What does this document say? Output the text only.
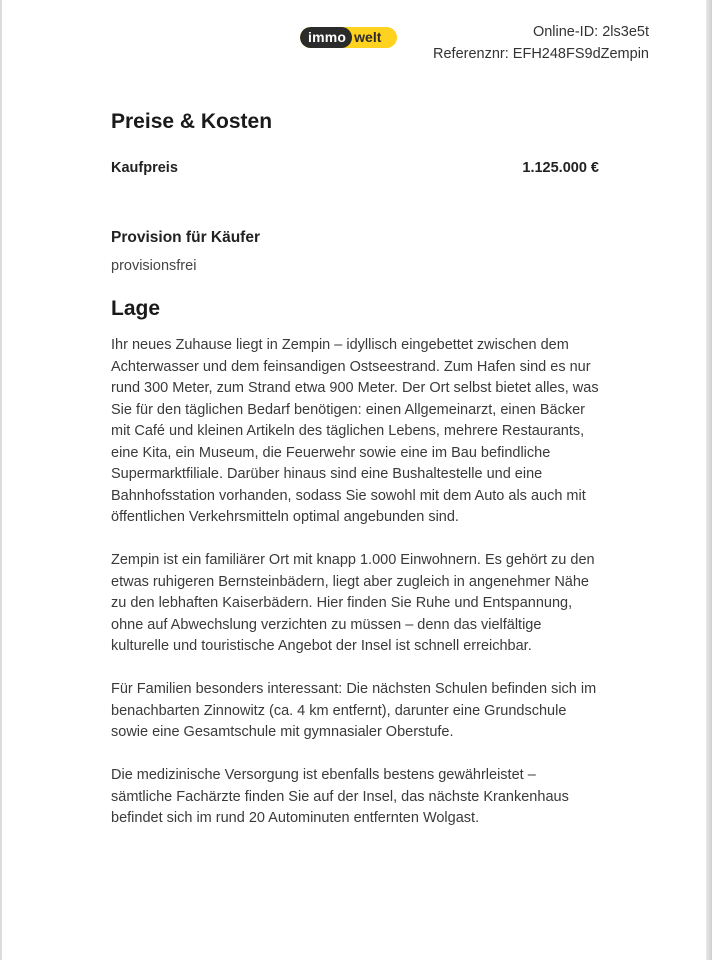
immo welt	Online-ID: 2ls3e5t
Referenznr: EFH248FS9dZempin
Preise & Kosten
Kaufpreis	1.125.000 €
Provision für Käufer
provisionsfrei
Lage

Ihr neues Zuhause liegt in Zempin – idyllisch eingebettet zwischen dem Achterwasser und dem feinsandigen Ostseestrand. Zum Hafen sind es nur rund 300 Meter, zum Strand etwa 900 Meter. Der Ort selbst bietet alles, was Sie für den täglichen Bedarf benötigen: einen Allgemeinarzt, einen Bäcker mit Café und kleinen Artikeln des täglichen Lebens, mehrere Restaurants, eine Kita, ein Museum, die Feuerwehr sowie eine im Bau befindliche Supermarktfiliale. Darüber hinaus sind eine Bushaltestelle und eine Bahnhofsstation vorhanden, sodass Sie sowohl mit dem Auto als auch mit öffentlichen Verkehrsmitteln optimal angebunden sind.

Zempin ist ein familiärer Ort mit knapp 1.000 Einwohnern. Es gehört zu den etwas ruhigeren Bernsteinbädern, liegt aber zugleich in angenehmer Nähe zu den lebhaften Kaiserbädern. Hier finden Sie Ruhe und Entspannung, ohne auf Abwechslung verzichten zu müssen – denn das vielfältige kulturelle und touristische Angebot der Insel ist schnell erreichbar.

Für Familien besonders interessant: Die nächsten Schulen befinden sich im benachbarten Zinnowitz (ca. 4 km entfernt), darunter eine Grundschule sowie eine Gesamtschule mit gymnasialer Oberstufe.

Die medizinische Versorgung ist ebenfalls bestens gewährleistet – sämtliche Fachärzte finden Sie auf der Insel, das nächste Krankenhaus befindet sich im rund 20 Autominuten entfernten Wolgast.
